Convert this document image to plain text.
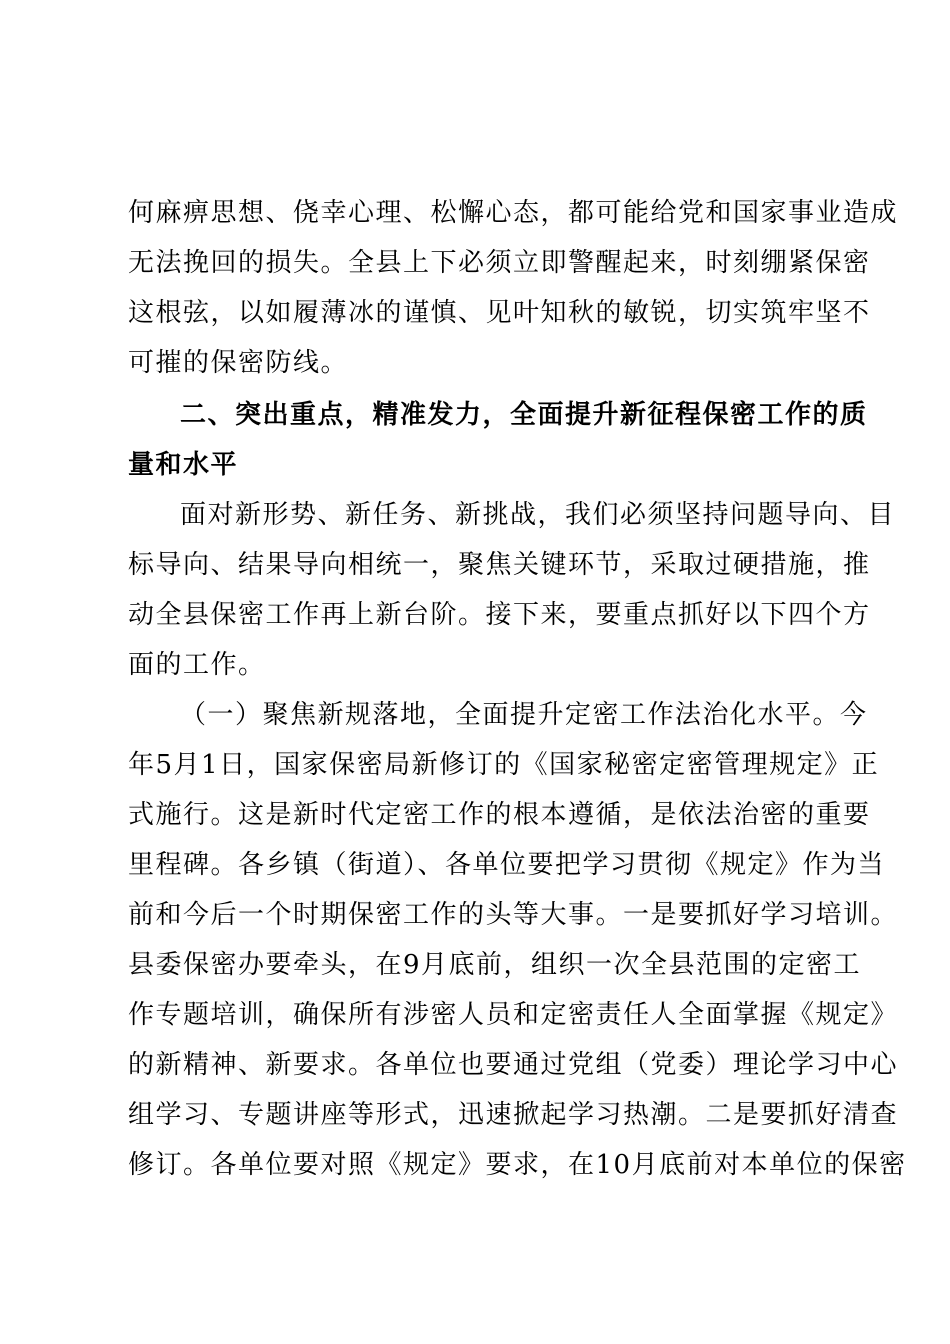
何麻痹思想、侥幸心理、松懈心态，都可能给党和国家事业造成
无法挽回的损失。全县上下必须立即警醒起来，时刻绷紧保密
这根弦，以如履薄冰的谨慎、见叶知秋的敏锐，切实筑牢坚不
可摧的保密防线。
二、突出重点，精准发力，全面提升新征程保密工作的质
量和水平
面对新形势、新任务、新挑战，我们必须坚持问题导向、目
标导向、结果导向相统一，聚焦关键环节，采取过硬措施，推
动全县保密工作再上新台阶。接下来，要重点抓好以下四个方
面的工作。
（一）聚焦新规落地，全面提升定密工作法治化水平。今
年5月1日，国家保密局新修订的《国家秘密定密管理规定》正
式施行。这是新时代定密工作的根本遵循，是依法治密的重要
里程碑。各乡镇（街道）、各单位要把学习贯彻《规定》作为当
前和今后一个时期保密工作的头等大事。一是要抓好学习培训。
县委保密办要牵头，在9月底前，组织一次全县范围的定密工
作专题培训，确保所有涉密人员和定密责任人全面掌握《规定》
的新精神、新要求。各单位也要通过党组（党委）理论学习中心
组学习、专题讲座等形式，迅速掀起学习热潮。二是要抓好清查
修订。各单位要对照《规定》要求，在10月底前对本单位的保密
